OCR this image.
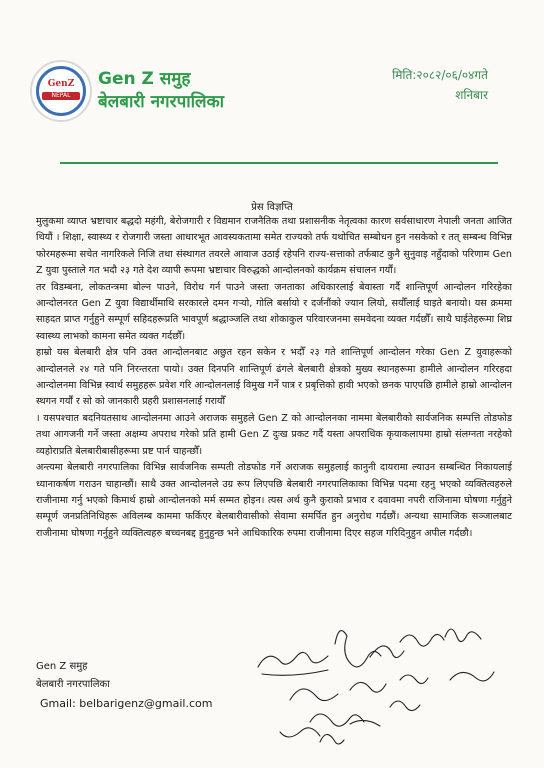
GenZ
NEPAL
Gen Z समुह
बेलबारी नगरपालिका
मिति:२०८२/०६/०४गते
शनिबार
प्रेस विज्ञप्ति

मुलुकमा व्याप्त भ्रष्टाचार बद्धदो महंगी, बेरोजगारी र विद्यमान राजनैतिक तथा प्रशासनीक नेतृत्वका कारण सर्वसाधारण नेपाली जनता आजित थियौं । शिक्षा, स्वास्थ्य र रोजगारी जस्ता आधारभूत आवस्यकतामा समेत राज्यको तर्फ यथोचित सम्बोधन हुन नसकेको र तत् सम्बन्ध विभिन्न फोरमहरूमा सचेत नागरिकले निजि तथा संस्थागत तवरले आवाज उठाई रहेपनि राज्य-सत्ताको तर्फबाट कुनै सुनुवाइ नहुँदाको परिणाम Gen Z युवा पुस्ताले गत भदौ २३ गते देश व्यापी रूपमा भ्रष्टाचार विरुद्धको आन्दोलनको कार्यक्रम संचालन गर्यौं।

तर विडम्बना, लोकतन्त्रमा बोल्न पाउने, विरोध गर्न पाउने जस्ता जनताका अधिकारलाई बेवास्ता गर्दै शान्तिपूर्ण आन्दोलन गरिरहेका आन्दोलनरत Gen Z युवा विद्यार्थीमाथि सरकारले दमन गऱ्यो, गोलि बर्सायो र दर्जनौंको ज्यान लियो, सयौँलाई घाइते बनायो। यस क्रममा साहदत प्राप्त गर्नुहुने सम्पूर्ण सहिदहरूप्रति भावपूर्ण श्रद्धाञ्जलि तथा शोकाकुल परिवारजनमा समवेदना व्यक्त गर्दछौँ। साथै घाईतेहरूमा शिघ्र स्वास्थ्य लाभको कामना समेत व्यक्त गर्दछौँ।

हाम्रो यस बेलबारी क्षेत्र पनि उक्त आन्दोलनबाट अछुत रहन सकेन र भदौँ २३ गते शान्तिपूर्ण आन्दोलन गरेका Gen Z युवाहरूको आन्दोलनले २४ गते पनि निरन्तरता पायो। उक्त दिनपनि शान्तिपूर्ण ढंगले बेलबारी क्षेत्रको मुख्य स्थानहरूमा हामीले आन्दोलन गरिरहदा आन्दोलनमा विभिन्न स्वार्थ समुहहरू प्रवेश गरि आन्दोलनलाई विमुख गर्ने पात्र र प्रबृत्तिको हावी भएको छनक पाएपछि हामीले हाम्रो आन्दोलन स्थगन गर्यौं र सो को जानकारी प्रहरी प्रशासनलाई गरायौँ

। यसपश्चात बदनियतसाथ आन्दोलनमा आउने अराजक समुहले Gen Z को आन्दोलनका नाममा बेलबारीको सार्वजनिक सम्पत्ति तोडफोड तथा आगजनी गर्ने जस्ता अक्षम्य अपराध गरेको प्रति हामी Gen Z दुःख प्रकट गर्दै यस्ता अपराधिक कृयाकलापमा हाम्रो संलग्नता नरहेको व्यहोराप्रति बेलबारीबासीहरूमा प्रष्ट पार्न चाहन्छौँ।

अन्त्यमा बेलबारी नगरपालिका विभिन्न सार्वजनिक सम्पती तोडफोड गर्ने अराजक समुहलाई कानुनी दायरामा ल्याउन सम्बन्धित निकायलाई ध्यानाकर्षण गराउन चाहान्छौं। साथै उक्त आन्दोलनले उग्र रूप लिएपछि बेलबारी नगरपालिकाका विभिन्न पदमा रहनु भएको व्यक्तित्वहरुले राजीनामा गर्नु भएको किमार्थ हाम्रो आन्दोलनको मर्म सम्मत होइन। त्यस अर्थ कुनै कुराको प्रभाव र दवावमा नपरी राजिनामा घोषणा गर्नुहुने सम्पूर्ण जनप्रतिनिधिहरू अविलम्ब काममा फर्किएर बेलबारीवासीको सेवामा समर्पित हुन अनुरोध गर्दछौं। अन्यथा सामाजिक सञ्जालबाट राजीनामा घोषणा गर्नुहुने व्यक्तित्वहरु बच्चनबद्द हुनुहुन्छ भने आधिकारिक रुपमा राजीनामा दिएर सहज गरिदिनुहुन अपील गर्दछौ।

Gen Z समुह
बेलबारी नगरपालिका
Gmail: belbarigenz@gmail.com
